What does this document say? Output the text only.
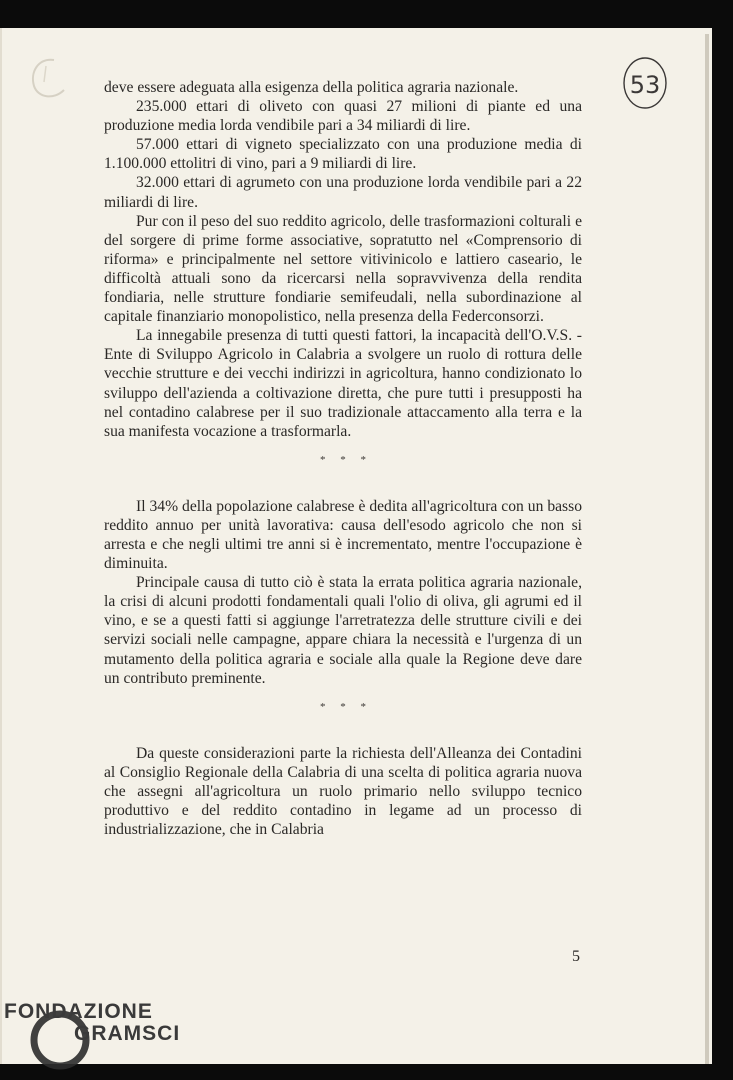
53

deve essere adeguata alla esigenza della politica agraria nazionale.

235.000 ettari di oliveto con quasi 27 milioni di piante ed una produzione media lorda vendibile pari a 34 miliardi di lire.

57.000 ettari di vigneto specializzato con una produzione media di 1.100.000 ettolitri di vino, pari a 9 miliardi di lire.

32.000 ettari di agrumeto con una produzione lorda vendibile pari a 22 miliardi di lire.

Pur con il peso del suo reddito agricolo, delle trasformazioni colturali e del sorgere di prime forme associative, sopratutto nel «Comprensorio di riforma» e principalmente nel settore vitivinicolo e lattiero caseario, le difficoltà attuali sono da ricercarsi nella sopravvivenza della rendita fondiaria, nelle strutture fondiarie semifeudali, nella subordinazione al capitale finanziario monopolistico, nella presenza della Federconsorzi.

La innegabile presenza di tutti questi fattori, la incapacità dell'O.V.S. - Ente di Sviluppo Agricolo in Calabria a svolgere un ruolo di rottura delle vecchie strutture e dei vecchi indirizzi in agricoltura, hanno condizionato lo sviluppo dell'azienda a coltivazione diretta, che pure tutti i presupposti ha nel contadino calabrese per il suo tradizionale attaccamento alla terra e la sua manifesta vocazione a trasformarla.

* * *

Il 34% della popolazione calabrese è dedita all'agricoltura con un basso reddito annuo per unità lavorativa: causa dell'esodo agricolo che non si arresta e che negli ultimi tre anni si è incrementato, mentre l'occupazione è diminuita.

Principale causa di tutto ciò è stata la errata politica agraria nazionale, la crisi di alcuni prodotti fondamentali quali l'olio di oliva, gli agrumi ed il vino, e se a questi fatti si aggiunge l'arretratezza delle strutture civili e dei servizi sociali nelle campagne, appare chiara la necessità e l'urgenza di un mutamento della politica agraria e sociale alla quale la Regione deve dare un contributo preminente.

* * *

Da queste considerazioni parte la richiesta dell'Alleanza dei Contadini al Consiglio Regionale della Calabria di una scelta di politica agraria nuova che assegni all'agricoltura un ruolo primario nello sviluppo tecnico produttivo e del reddito contadino in legame ad un processo di industrializzazione, che in Calabria

5
FONDAZIONE
GRAMSCI
